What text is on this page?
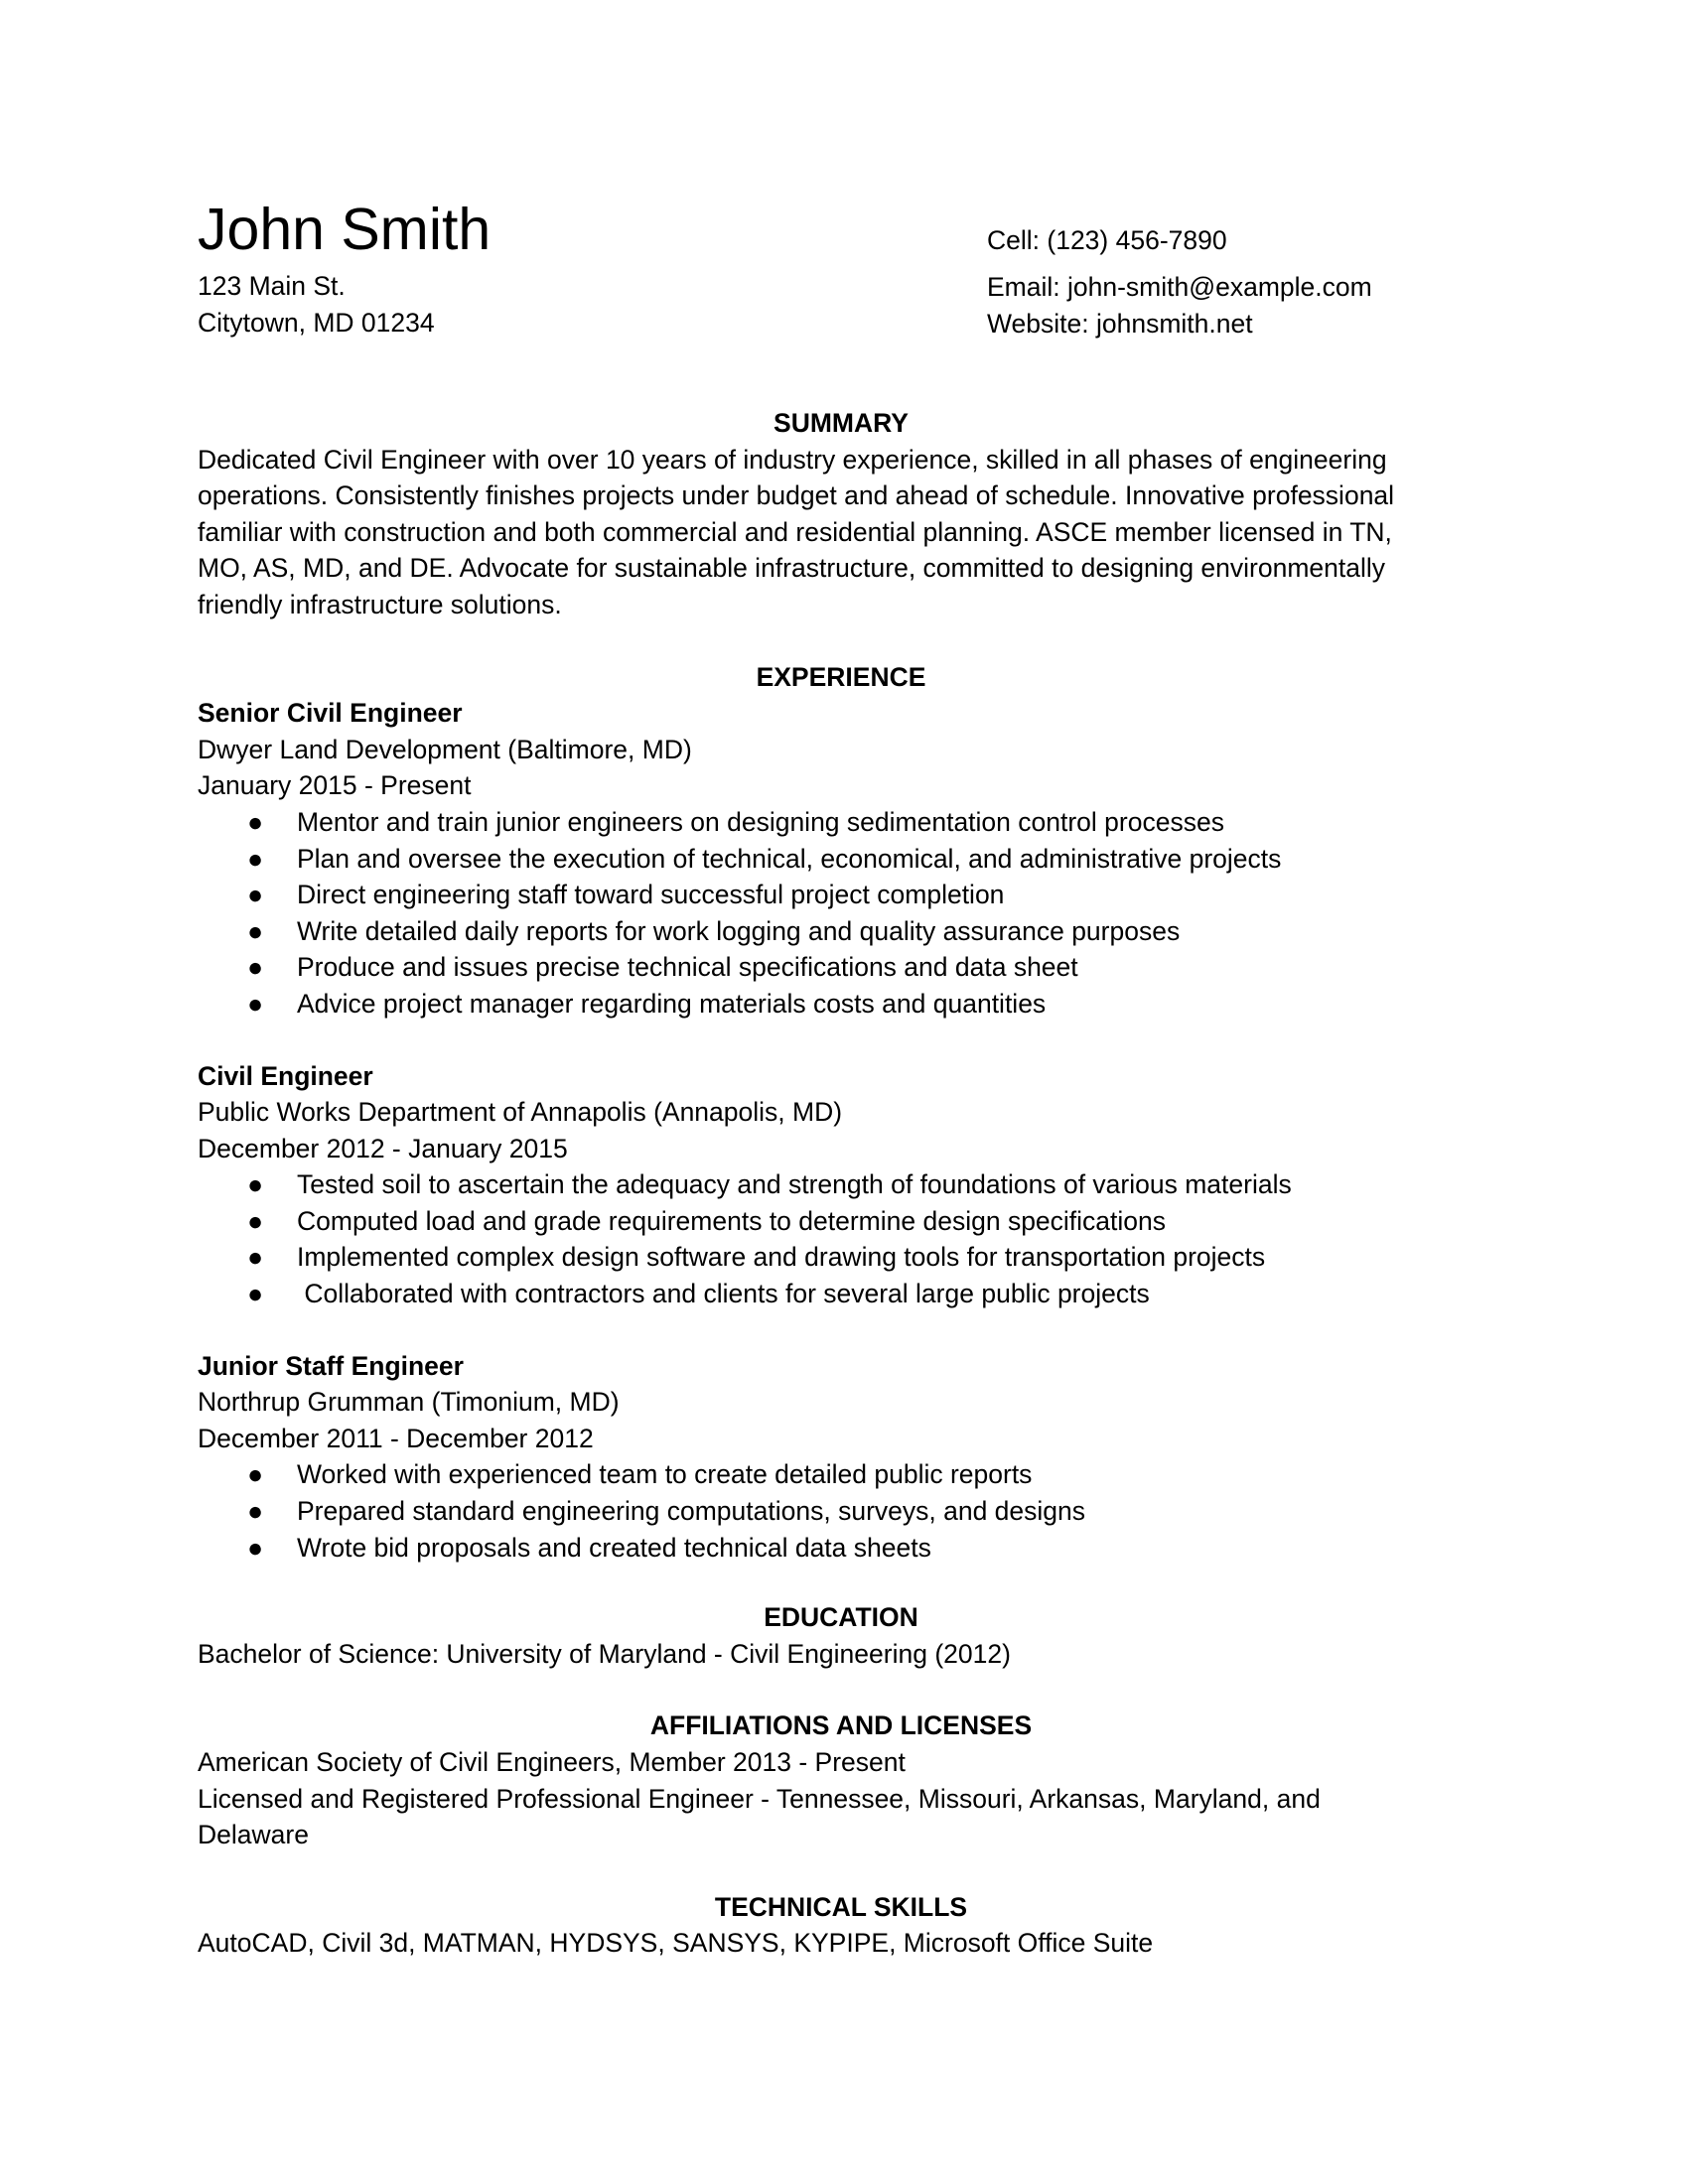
John Smith
123 Main St.
Citytown, MD 01234
Cell: (123) 456-7890
Email: john-smith@example.com
Website: johnsmith.net

SUMMARY

Dedicated Civil Engineer with over 10 years of industry experience, skilled in all phases of engineering
operations. Consistently finishes projects under budget and ahead of schedule. Innovative professional
familiar with construction and both commercial and residential planning. ASCE member licensed in TN,
MO, AS, MD, and DE. Advocate for sustainable infrastructure, committed to designing environmentally
friendly infrastructure solutions.

EXPERIENCE

Senior Civil Engineer
Dwyer Land Development (Baltimore, MD)
January 2015 - Present
● Mentor and train junior engineers on designing sedimentation control processes
● Plan and oversee the execution of technical, economical, and administrative projects
● Direct engineering staff toward successful project completion
● Write detailed daily reports for work logging and quality assurance purposes
● Produce and issues precise technical specifications and data sheet
● Advice project manager regarding materials costs and quantities
Civil Engineer
Public Works Department of Annapolis (Annapolis, MD)
December 2012 - January 2015
● Tested soil to ascertain the adequacy and strength of foundations of various materials
● Computed load and grade requirements to determine design specifications
● Implemented complex design software and drawing tools for transportation projects
● Collaborated with contractors and clients for several large public projects
Junior Staff Engineer
Northrup Grumman (Timonium, MD)
December 2011 - December 2012
● Worked with experienced team to create detailed public reports
● Prepared standard engineering computations, surveys, and designs
● Wrote bid proposals and created technical data sheets

EDUCATION

Bachelor of Science: University of Maryland - Civil Engineering (2012)

AFFILIATIONS AND LICENSES

American Society of Civil Engineers, Member 2013 - Present
Licensed and Registered Professional Engineer - Tennessee, Missouri, Arkansas, Maryland, and
Delaware

TECHNICAL SKILLS

AutoCAD, Civil 3d, MATMAN, HYDSYS, SANSYS, KYPIPE, Microsoft Office Suite
